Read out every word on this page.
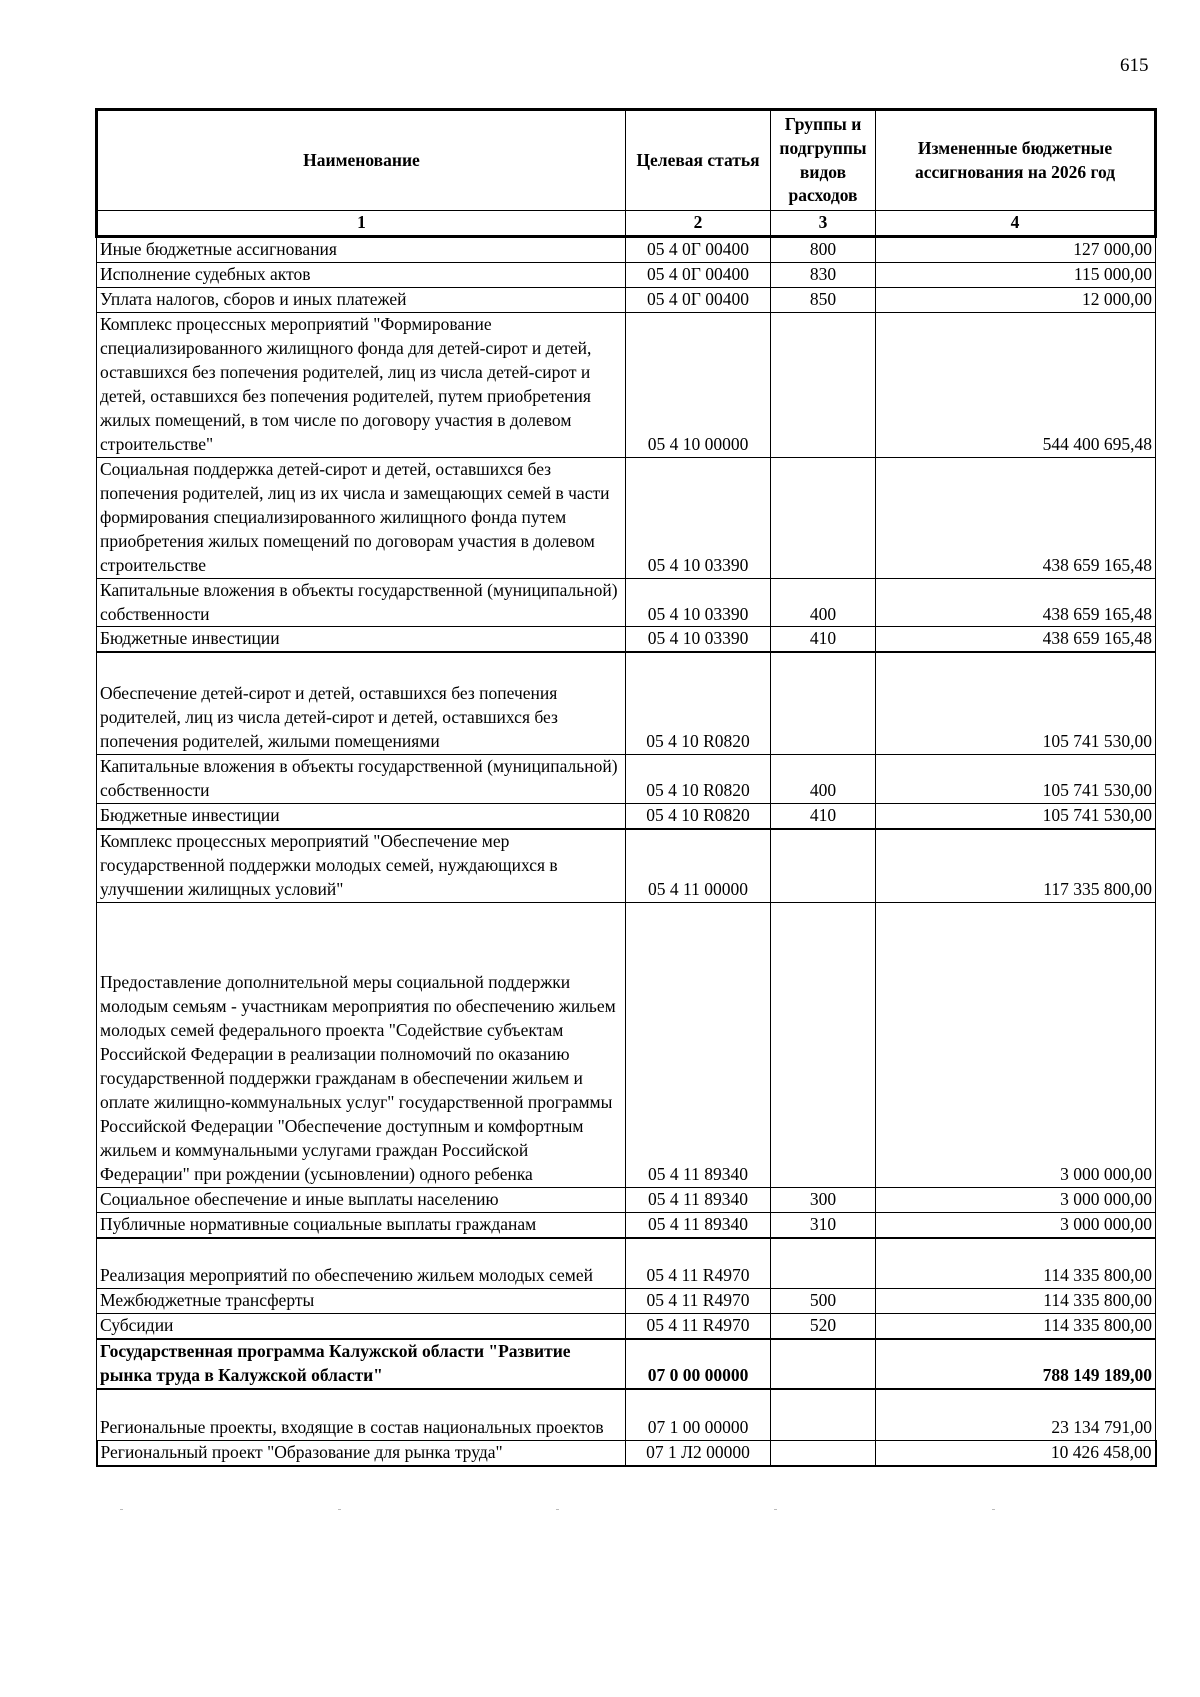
615
Наименование	Целевая статья	Группы и подгруппы видов расходов	Измененные бюджетные ассигнования на 2026 год
1	2	3	4
Иные бюджетные ассигнования	05 4 0Г 00400	800	127 000,00
Исполнение судебных актов	05 4 0Г 00400	830	115 000,00
Уплата налогов, сборов и иных платежей	05 4 0Г 00400	850	12 000,00
Комплекс процессных мероприятий "Формирование специализированного жилищного фонда для детей-сирот и детей, оставшихся без попечения родителей, лиц из числа детей-сирот и детей, оставшихся без попечения родителей, путем приобретения жилых помещений, в том числе по договору участия в долевом строительстве"	05 4 10 00000		544 400 695,48
Социальная поддержка детей-сирот и детей, оставшихся без попечения родителей, лиц из их числа и замещающих семей в части формирования специализированного жилищного фонда путем приобретения жилых помещений по договорам участия в долевом строительстве	05 4 10 03390		438 659 165,48
Капитальные вложения в объекты государственной (муниципальной) собственности	05 4 10 03390	400	438 659 165,48
Бюджетные инвестиции	05 4 10 03390	410	438 659 165,48
Обеспечение детей-сирот и детей, оставшихся без попечения родителей, лиц из числа детей-сирот и детей, оставшихся без попечения родителей, жилыми помещениями	05 4 10 R0820		105 741 530,00
Капитальные вложения в объекты государственной (муниципальной) собственности	05 4 10 R0820	400	105 741 530,00
Бюджетные инвестиции	05 4 10 R0820	410	105 741 530,00
Комплекс процессных мероприятий "Обеспечение мер государственной поддержки молодых семей, нуждающихся в улучшении жилищных условий"	05 4 11 00000		117 335 800,00
Предоставление дополнительной меры социальной поддержки молодым семьям - участникам мероприятия по обеспечению жильем молодых семей федерального проекта "Содействие субъектам Российской Федерации в реализации полномочий по оказанию государственной поддержки гражданам в обеспечении жильем и оплате жилищно-коммунальных услуг" государственной программы Российской Федерации "Обеспечение доступным и комфортным жильем и коммунальными услугами граждан Российской Федерации" при рождении (усыновлении) одного ребенка	05 4 11 89340		3 000 000,00
Социальное обеспечение и иные выплаты населению	05 4 11 89340	300	3 000 000,00
Публичные нормативные социальные выплаты гражданам	05 4 11 89340	310	3 000 000,00
Реализация мероприятий по обеспечению жильем молодых семей	05 4 11 R4970		114 335 800,00
Межбюджетные трансферты	05 4 11 R4970	500	114 335 800,00
Субсидии	05 4 11 R4970	520	114 335 800,00
Государственная программа Калужской области "Развитие рынка труда в Калужской области"	07 0 00 00000		788 149 189,00
Региональные проекты, входящие в состав национальных проектов	07 1 00 00000		23 134 791,00
Региональный проект "Образование для рынка труда"	07 1 Л2 00000		10 426 458,00
